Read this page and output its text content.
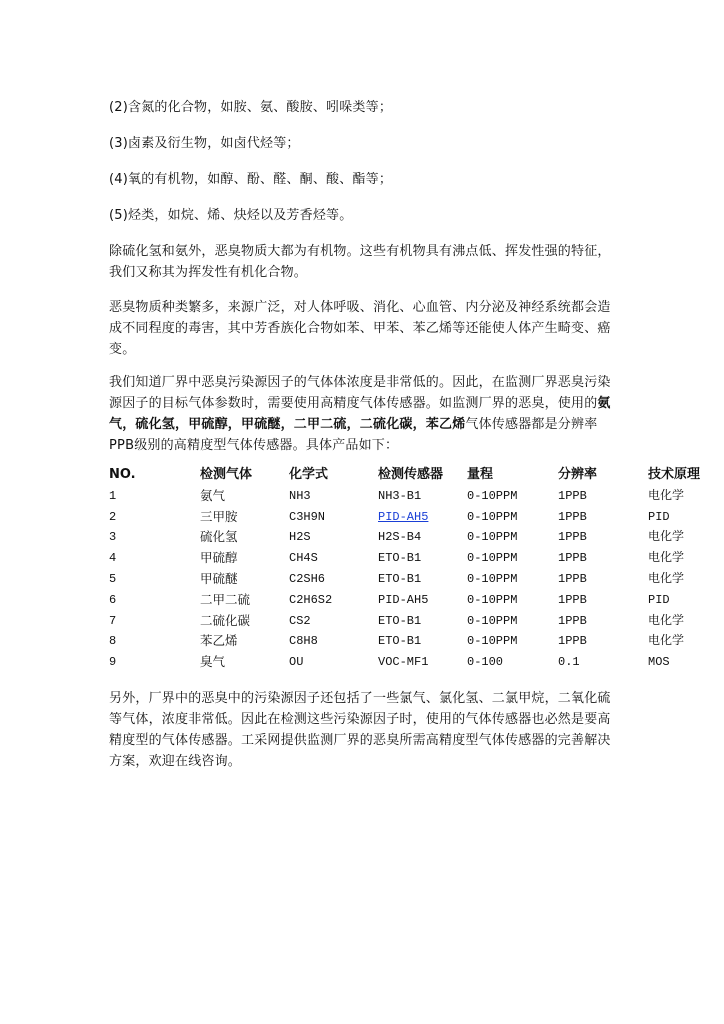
(2)含氮的化合物，如胺、氨、酸胺、吲哚类等；

(3)卤素及衍生物，如卤代烃等；

(4)氧的有机物，如醇、酚、醛、酮、酸、酯等；

(5)烃类，如烷、烯、炔烃以及芳香烃等。

除硫化氢和氨外，恶臭物质大都为有机物。这些有机物具有沸点低、挥发性强的特征，我们又称其为挥发性有机化合物。

恶臭物质种类繁多，来源广泛，对人体呼吸、消化、心血管、内分泌及神经系统都会造成不同程度的毒害，其中芳香族化合物如苯、甲苯、苯乙烯等还能使人体产生畸变、癌变。

我们知道厂界中恶臭污染源因子的气体体浓度是非常低的。因此，在监测厂界恶臭污染源因子的目标气体参数时，需要使用高精度气体传感器。如监测厂界的恶臭，使用的氨气，硫化氢，甲硫醇，甲硫醚，二甲二硫，二硫化碳，苯乙烯气体传感器都是分辨率PPB级别的高精度型气体传感器。具体产品如下：

NO.	检测气体	化学式	检测传感器 量程	分辨率	技术原理
1	氨气	NH3	NH3-B1	0-10PPM	1PPB	电化学
2	三甲胺	C3H9N	PID-AH5	0-10PPM	1PPB	PID
3	硫化氢	H2S	H2S-B4	0-10PPM	1PPB	电化学
4	甲硫醇	CH4S	ETO-B1	0-10PPM	1PPB	电化学
5	甲硫醚	C2SH6	ETO-B1	0-10PPM	1PPB	电化学
6	二甲二硫	C2H6S2	PID-AH5	0-10PPM	1PPB	PID
7	二硫化碳	CS2	ETO-B1	0-10PPM	1PPB	电化学
8	苯乙烯	C8H8	ETO-B1	0-10PPM	1PPB	电化学
9	臭气	OU	VOC-MF1	0-100	0.1	MOS

另外，厂界中的恶臭中的污染源因子还包括了一些氯气、氯化氢、二氯甲烷，二氧化硫等气体，浓度非常低。因此在检测这些污染源因子时，使用的气体传感器也必然是要高精度型的气体传感器。工采网提供监测厂界的恶臭所需高精度型气体传感器的完善解决方案，欢迎在线咨询。
